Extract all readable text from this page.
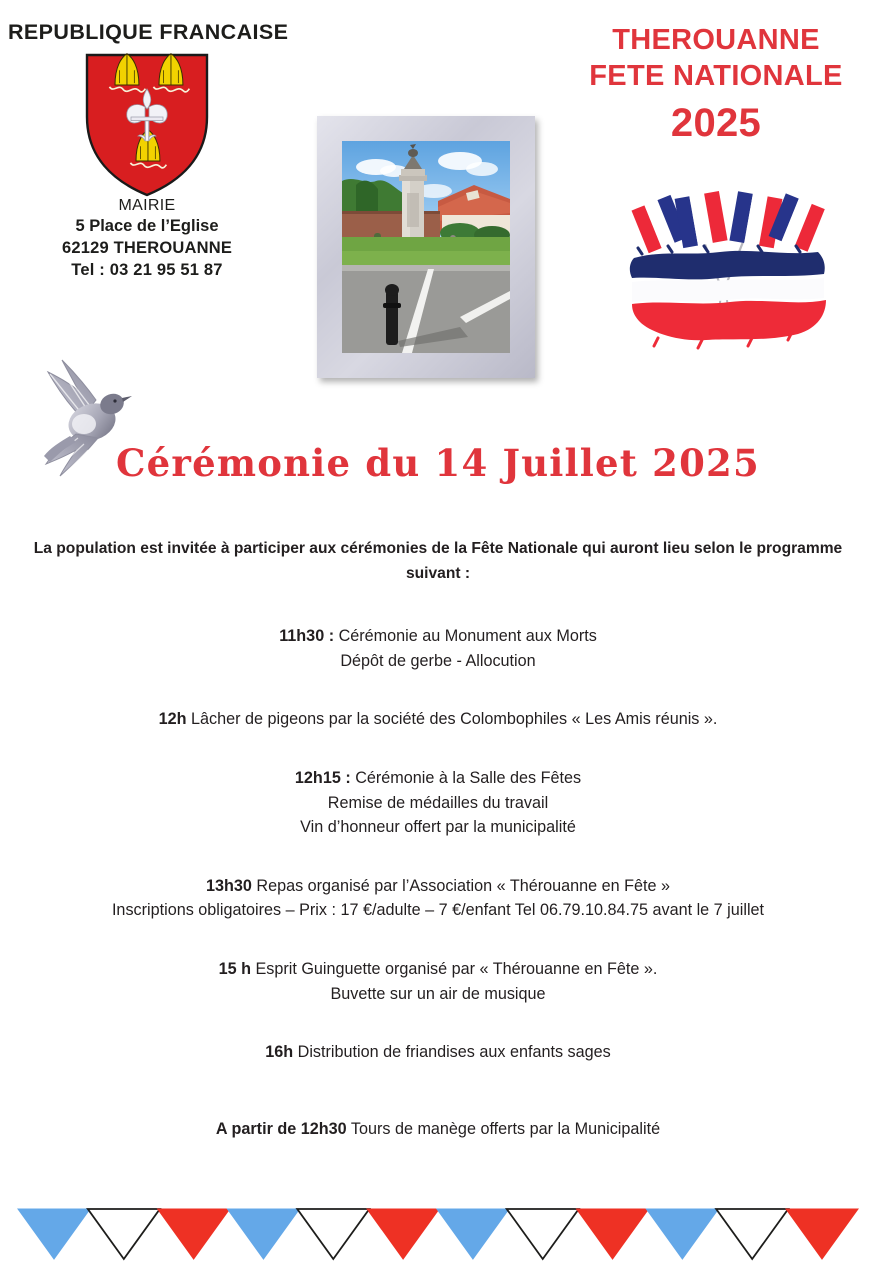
REPUBLIQUE FRANCAISE
MAIRIE
5 Place de l’Eglise
62129 THEROUANNE
Tel : 03 21 95 51 87
THEROUANNE
FETE NATIONALE
2025
Cérémonie du 14 Juillet 2025
La population est invitée à participer aux cérémonies de la Fête Nationale qui auront lieu selon le programme suivant :
11h30 : Cérémonie au Monument aux Morts
Dépôt de gerbe - Allocution
12h Lâcher de pigeons par la société des Colombophiles « Les Amis réunis ».
12h15 : Cérémonie à la Salle des Fêtes
Remise de médailles du travail
Vin d’honneur offert par la municipalité
13h30 Repas organisé par l’Association « Thérouanne en Fête »
Inscriptions obligatoires – Prix : 17 €/adulte – 7 €/enfant Tel 06.79.10.84.75 avant le 7 juillet
15 h Esprit Guinguette organisé par « Thérouanne en Fête ».
Buvette sur un air de musique
16h Distribution de friandises aux enfants sages
A partir de 12h30 Tours de manège offerts par la Municipalité
